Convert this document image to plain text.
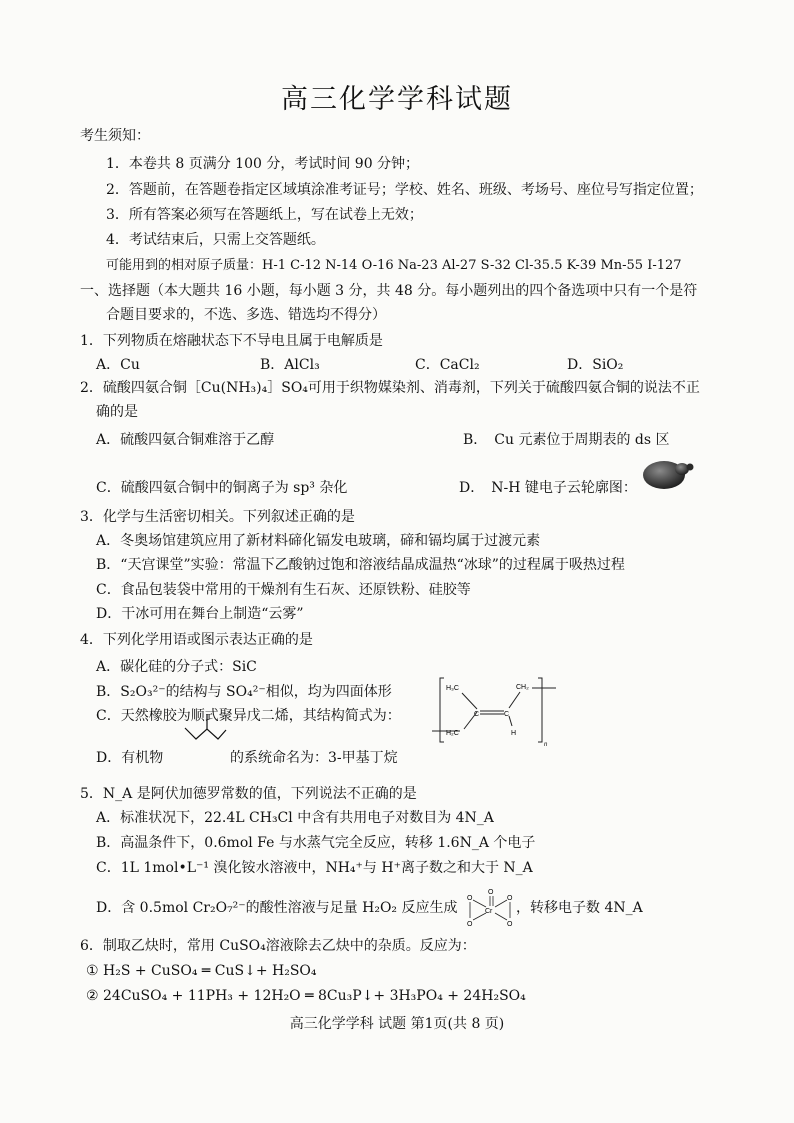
高三化学学科试题
考生须知：
1．本卷共 8 页满分 100 分，考试时间 90 分钟；
2．答题前，在答题卷指定区域填涂准考证号；学校、姓名、班级、考场号、座位号写指定位置；
3．所有答案必须写在答题纸上，写在试卷上无效；
4．考试结束后，只需上交答题纸。
可能用到的相对原子质量：H-1 C-12 N-14 O-16 Na-23 Al-27 S-32 Cl-35.5 K-39 Mn-55 I-127
一、选择题（本大题共 16 小题，每小题 3 分，共 48 分。每小题列出的四个备选项中只有一个是符
合题目要求的，不选、多选、错选均不得分）
1．下列物质在熔融状态下不导电且属于电解质是
A．Cu	B．AlCl₃	C．CaCl₂	D．SiO₂
2．硫酸四氨合铜［Cu(NH₃)₄］SO₄可用于织物媒染剂、消毒剂，下列关于硫酸四氨合铜的说法不正
确的是
A．硫酸四氨合铜难溶于乙醇	B．　Cu 元素位于周期表的 ds 区
C．硫酸四氨合铜中的铜离子为 sp³ 杂化	D．　N-H 键电子云轮廓图：
3．化学与生活密切相关。下列叙述正确的是
A．冬奥场馆建筑应用了新材料碲化镉发电玻璃，碲和镉均属于过渡元素
B．“天宫课堂”实验：常温下乙酸钠过饱和溶液结晶成温热“冰球”的过程属于吸热过程
C．食品包装袋中常用的干燥剂有生石灰、还原铁粉、硅胶等
D．干冰可用在舞台上制造“云雾”
4．下列化学用语或图示表达正确的是
A．碳化硅的分子式：SiC
B．S₂O₃²⁻的结构与 SO₄²⁻相似，均为四面体形
C．天然橡胶为顺式聚异戊二烯，其结构简式为：
H₃C	CH₂
H₂C
C	C
H
n
D．有机物	的系统命名为：3-甲基丁烷
5．N_A 是阿伏加德罗常数的值，下列说法不正确的是
A．标准状况下，22.4L CH₃Cl 中含有共用电子对数目为 4N_A
B．高温条件下，0.6mol Fe 与水蒸气完全反应，转移 1.6N_A 个电子
C．1L 1mol•L⁻¹ 溴化铵水溶液中，NH₄⁺与 H⁺离子数之和大于 N_A
D．含 0.5mol Cr₂O₇²⁻的酸性溶液与足量 H₂O₂ 反应生成
O
O	O
O	O
Cr ，转移电子数 4N_A
6．制取乙炔时，常用 CuSO₄溶液除去乙炔中的杂质。反应为：
① H₂S + CuSO₄ ═ CuS↓+ H₂SO₄
② 24CuSO₄ + 11PH₃ + 12H₂O ═ 8Cu₃P↓+ 3H₃PO₄ + 24H₂SO₄
高三化学学科 试题 第1页(共 8 页)
